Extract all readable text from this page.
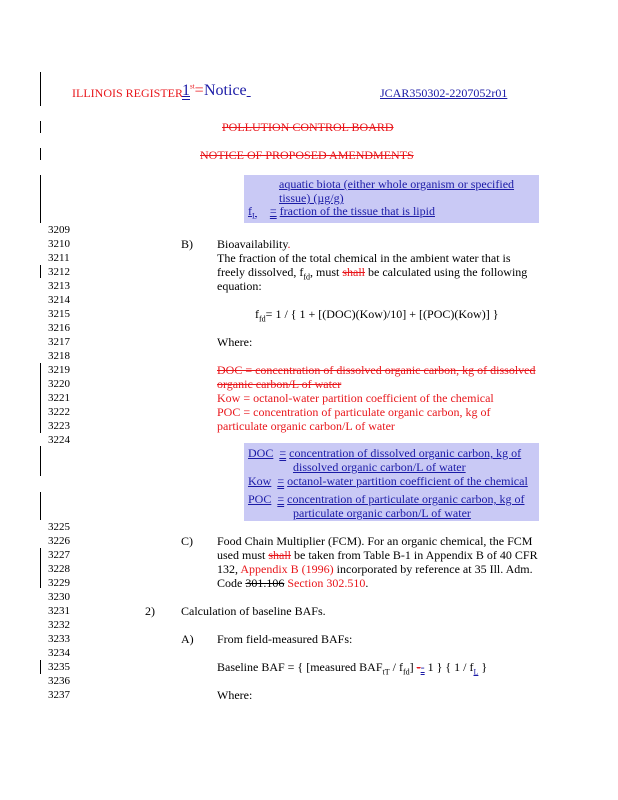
ILLINOIS REGISTER 1st= Notice	JCAR350302-2207052r01
POLLUTION CONTROL BOARD
NOTICE OF PROPOSED AMENDMENTS
aquatic biota (either whole organism or specified
tissue) (µg/g)
$f_L$ = fraction of the tissue that is lipid
3209
3210
3211
3212
3213
3214
3215
3216
3217
3218
3219
3220
3221
3222
3223
3224
3225
3226
3227
3228
3229
3230
3231
3232
3233
3234
3235
3236
3237
B) Bioavailability.
The fraction of the total chemical in the ambient water that is
freely dissolved, $f_{fd}$, must shall be calculated using the following
equation:
$f_{fd}= 1$ / { 1 + [(DOC)(Kow)/10] + [(POC)(Kow)] }
Where:
DOC = concentration of dissolved organic carbon, kg of dissolved
organic carbon/L of water
Kow = octanol-water partition coefficient of the chemical
POC = concentration of particulate organic carbon, kg of
particulate organic carbon/L of water
DOC = concentration of dissolved organic carbon, kg of
dissolved organic carbon/L of water
Kow = octanol-water partition coefficient of the chemical
POC = concentration of particulate organic carbon, kg of
particulate organic carbon/L of water
C) Food Chain Multiplier (FCM). For an organic chemical, the FCM
used must shall be taken from Table B-1 in Appendix B of 40 CFR
132, Appendix B (1996) incorporated by reference at 35 Ill. Adm.
Code 301.106 Section 302.510.
2) Calculation of baseline BAFs.
A) From field-measured BAFs:
Baseline BAF = { [measured $BAF_{tT} / f_{fd}] -- 1$ } { $1 / f_L$ }
Where:
